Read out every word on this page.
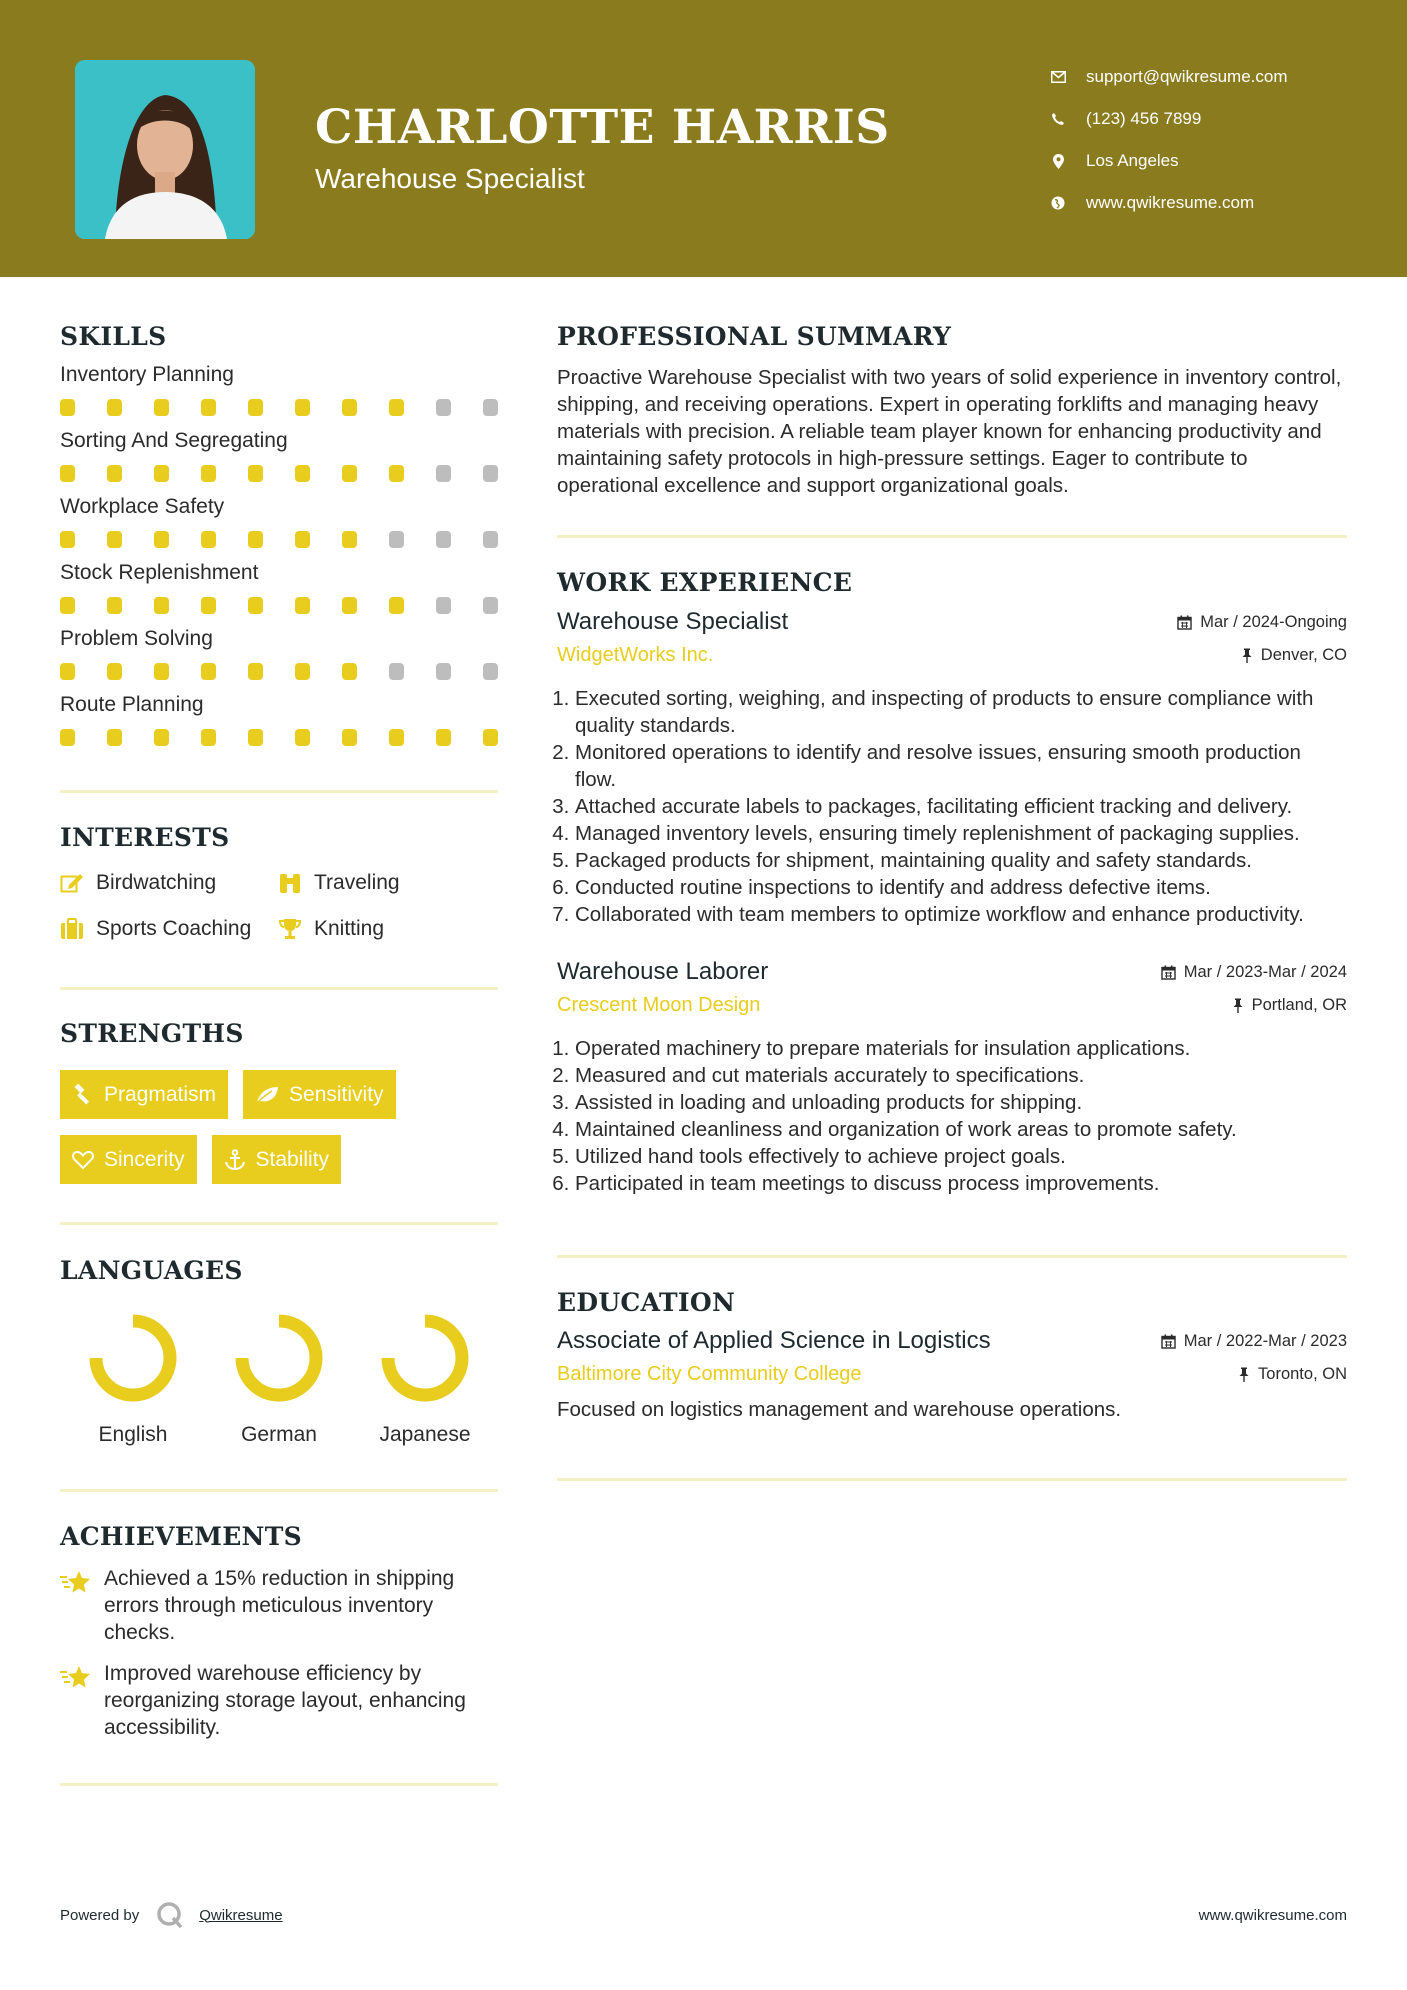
CHARLOTTE HARRIS
Warehouse Specialist
support@qwikresume.com
(123) 456 7899
Los Angeles
www.qwikresume.com
SKILLS
Inventory Planning
Sorting And Segregating
Workplace Safety
Stock Replenishment
Problem Solving
Route Planning
INTERESTS
Birdwatching	Traveling
Sports Coaching	Knitting
STRENGTHS
Pragmatism	Sensitivity
Sincerity	Stability
LANGUAGES
English	German	Japanese
ACHIEVEMENTS
Achieved a 15% reduction in shipping errors through meticulous inventory checks.
Improved warehouse efficiency by reorganizing storage layout, enhancing accessibility.
PROFESSIONAL SUMMARY

Proactive Warehouse Specialist with two years of solid experience in inventory control, shipping, and receiving operations. Expert in operating forklifts and managing heavy materials with precision. A reliable team player known for enhancing productivity and maintaining safety protocols in high-pressure settings. Eager to contribute to operational excellence and support organizational goals.

WORK EXPERIENCE
Warehouse Specialist	Mar / 2024-Ongoing
WidgetWorks Inc.	Denver, CO
1. Executed sorting, weighing, and inspecting of products to ensure compliance with quality standards.
2. Monitored operations to identify and resolve issues, ensuring smooth production flow.
3. Attached accurate labels to packages, facilitating efficient tracking and delivery.
4. Managed inventory levels, ensuring timely replenishment of packaging supplies.
5. Packaged products for shipment, maintaining quality and safety standards.
6. Conducted routine inspections to identify and address defective items.
7. Collaborated with team members to optimize workflow and enhance productivity.
Warehouse Laborer	Mar / 2023-Mar / 2024
Crescent Moon Design	Portland, OR
1. Operated machinery to prepare materials for insulation applications.
2. Measured and cut materials accurately to specifications.
3. Assisted in loading and unloading products for shipping.
4. Maintained cleanliness and organization of work areas to promote safety.
5. Utilized hand tools effectively to achieve project goals.
6. Participated in team meetings to discuss process improvements.
EDUCATION
Associate of Applied Science in Logistics	Mar / 2022-Mar / 2023
Baltimore City Community College	Toronto, ON

Focused on logistics management and warehouse operations.

Powered by	Qwikresume	www.qwikresume.com
